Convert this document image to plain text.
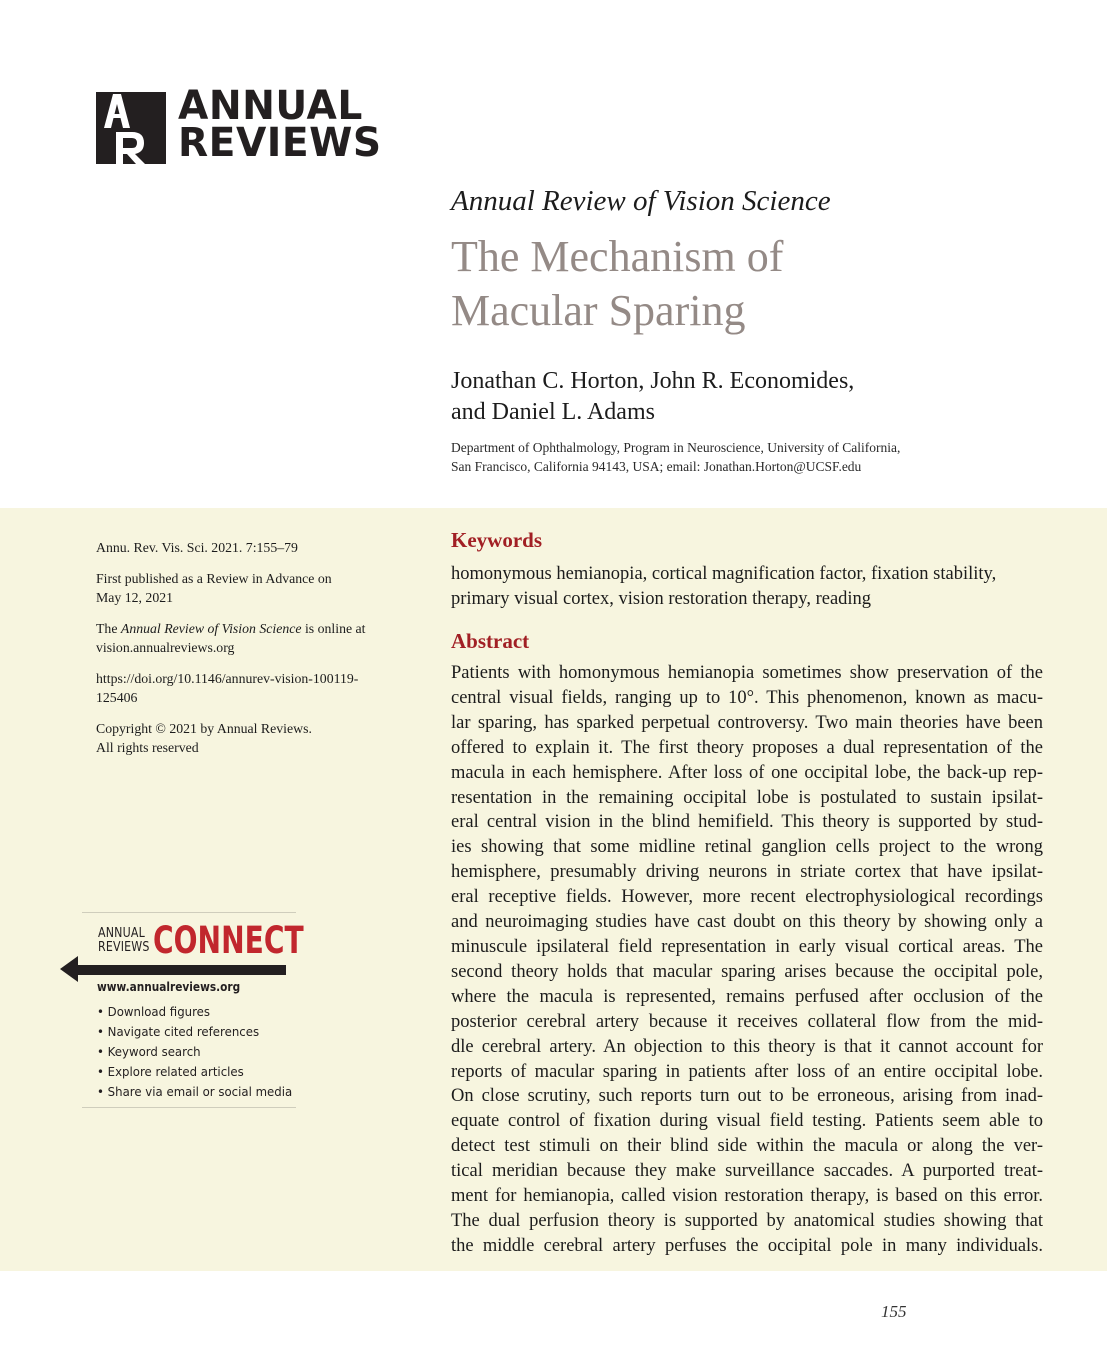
ANNUAL
REVIEWS
Annual Review of Vision Science
The Mechanism of
Macular Sparing
Jonathan C. Horton, John R. Economides,
and Daniel L. Adams
Department of Ophthalmology, Program in Neuroscience, University of California,
San Francisco, California 94143, USA; email: Jonathan.Horton@UCSF.edu

Annu. Rev. Vis. Sci. 2021. 7:155–79

First published as a Review in Advance on
May 12, 2021

The Annual Review of Vision Science is online at
vision.annualreviews.org

https://doi.org/10.1146/annurev-vision-100119-
125406

Copyright © 2021 by Annual Reviews.
All rights reserved

ANNUAL
REVIEWS CONNECT
www.annualreviews.org
• Download figures
• Navigate cited references
• Keyword search
• Explore related articles
• Share via email or social media
Keywords
homonymous hemianopia, cortical magnification factor, fixation stability,
primary visual cortex, vision restoration therapy, reading
Abstract
Patients with homonymous hemianopia sometimes show preservation of the
central visual fields, ranging up to 10°. This phenomenon, known as macu-
lar sparing, has sparked perpetual controversy. Two main theories have been
offered to explain it. The first theory proposes a dual representation of the
macula in each hemisphere. After loss of one occipital lobe, the back-up rep-
resentation in the remaining occipital lobe is postulated to sustain ipsilat-
eral central vision in the blind hemifield. This theory is supported by stud-
ies showing that some midline retinal ganglion cells project to the wrong
hemisphere, presumably driving neurons in striate cortex that have ipsilat-
eral receptive fields. However, more recent electrophysiological recordings
and neuroimaging studies have cast doubt on this theory by showing only a
minuscule ipsilateral field representation in early visual cortical areas. The
second theory holds that macular sparing arises because the occipital pole,
where the macula is represented, remains perfused after occlusion of the
posterior cerebral artery because it receives collateral flow from the mid-
dle cerebral artery. An objection to this theory is that it cannot account for
reports of macular sparing in patients after loss of an entire occipital lobe.
On close scrutiny, such reports turn out to be erroneous, arising from inad-
equate control of fixation during visual field testing. Patients seem able to
detect test stimuli on their blind side within the macula or along the ver-
tical meridian because they make surveillance saccades. A purported treat-
ment for hemianopia, called vision restoration therapy, is based on this error.
The dual perfusion theory is supported by anatomical studies showing that
the middle cerebral artery perfuses the occipital pole in many individuals.
155
